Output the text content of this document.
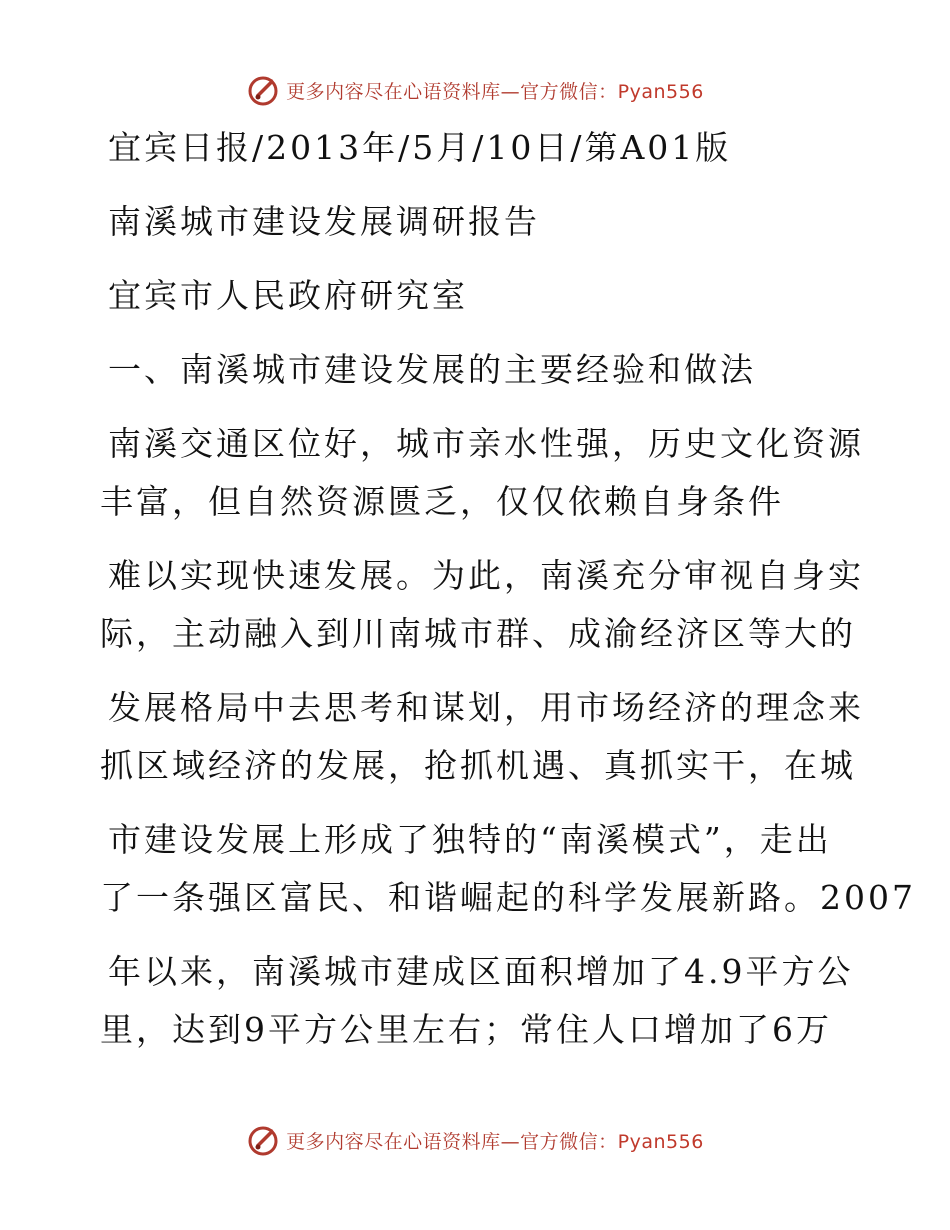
更多内容尽在心语资料库—官方微信：Pyan556
宜宾日报/2013年/5月/10日/第A01版
南溪城市建设发展调研报告
宜宾市人民政府研究室
一、南溪城市建设发展的主要经验和做法
南溪交通区位好，城市亲水性强，历史文化资源
丰富，但自然资源匮乏，仅仅依赖自身条件
难以实现快速发展。为此，南溪充分审视自身实
际，主动融入到川南城市群、成渝经济区等大的
发展格局中去思考和谋划，用市场经济的理念来
抓区域经济的发展，抢抓机遇、真抓实干，在城
市建设发展上形成了独特的“南溪模式”，走出
了一条强区富民、和谐崛起的科学发展新路。2007
年以来，南溪城市建成区面积增加了4.9平方公
里，达到9平方公里左右；常住人口增加了6万
更多内容尽在心语资料库—官方微信：Pyan556
